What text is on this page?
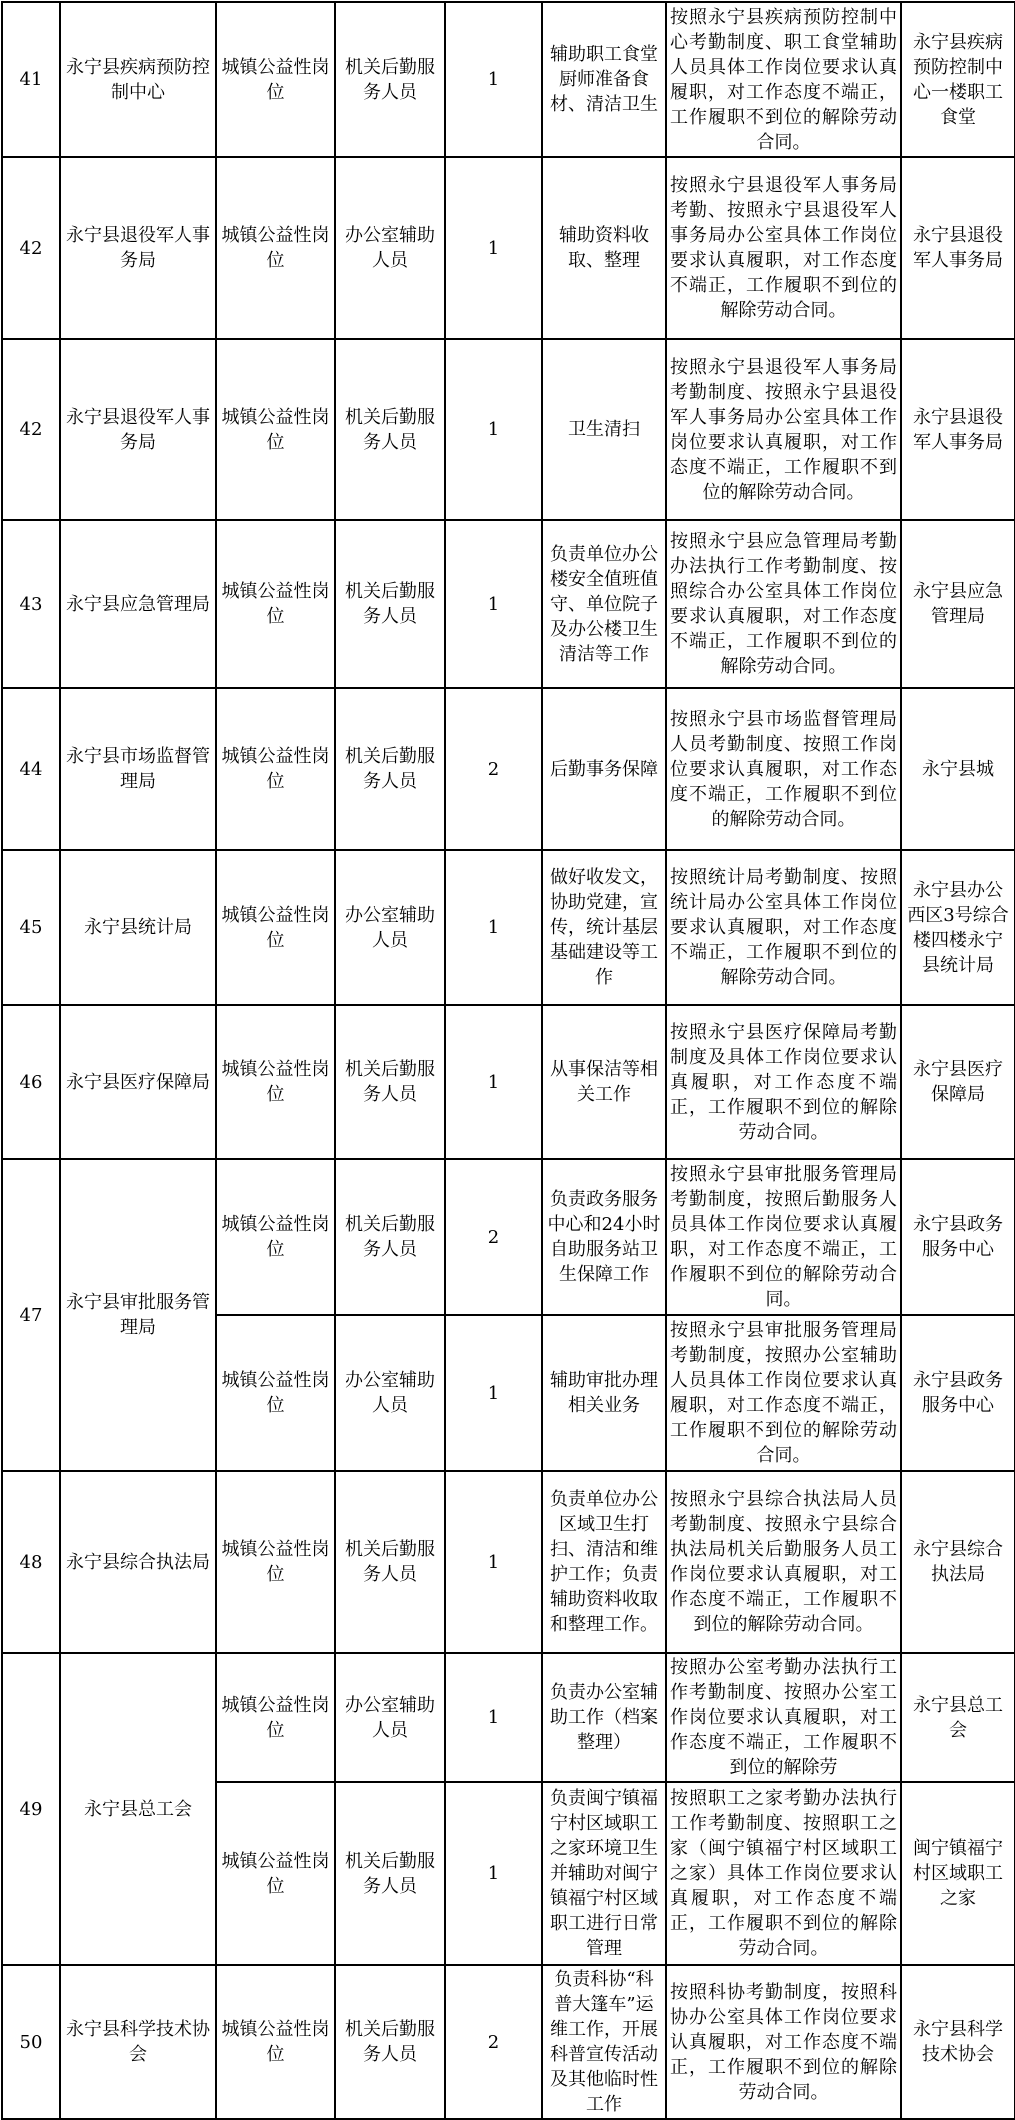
41	永宁县疾病预防控制中心	城镇公益性岗位	机关后勤服务人员	1	辅助职工食堂厨师准备食材、清洁卫生	按照永宁县疾病预防控制中心考勤制度、职工食堂辅助人员具体工作岗位要求认真履职，对工作态度不端正，工作履职不到位的解除劳动合同。	永宁县疾病预防控制中心一楼职工食堂
42	永宁县退役军人事务局	城镇公益性岗位	办公室辅助人员	1	辅助资料收取、整理	按照永宁县退役军人事务局考勤、按照永宁县退役军人事务局办公室具体工作岗位要求认真履职，对工作态度不端正，工作履职不到位的解除劳动合同。	永宁县退役军人事务局
42	永宁县退役军人事务局	城镇公益性岗位	机关后勤服务人员	1	卫生清扫	按照永宁县退役军人事务局考勤制度、按照永宁县退役军人事务局办公室具体工作岗位要求认真履职，对工作态度不端正，工作履职不到位的解除劳动合同。	永宁县退役军人事务局
43	永宁县应急管理局	城镇公益性岗位	机关后勤服务人员	1	负责单位办公楼安全值班值守、单位院子及办公楼卫生清洁等工作	按照永宁县应急管理局考勤办法执行工作考勤制度、按照综合办公室具体工作岗位要求认真履职，对工作态度不端正，工作履职不到位的解除劳动合同。	永宁县应急管理局
44	永宁县市场监督管理局	城镇公益性岗位	机关后勤服务人员	2	后勤事务保障	按照永宁县市场监督管理局人员考勤制度、按照工作岗位要求认真履职，对工作态度不端正，工作履职不到位的解除劳动合同。	永宁县城
45	永宁县统计局	城镇公益性岗位	办公室辅助人员	1	做好收发文，协助党建，宣传，统计基层基础建设等工作	按照统计局考勤制度、按照统计局办公室具体工作岗位要求认真履职，对工作态度不端正，工作履职不到位的解除劳动合同。	永宁县办公西区3号综合楼四楼永宁县统计局
46	永宁县医疗保障局	城镇公益性岗位	机关后勤服务人员	1	从事保洁等相关工作	按照永宁县医疗保障局考勤制度及具体工作岗位要求认真履职，对工作态度不端正，工作履职不到位的解除劳动合同。	永宁县医疗保障局
47	永宁县审批服务管理局	城镇公益性岗位	机关后勤服务人员	2	负责政务服务中心和24小时自助服务站卫生保障工作	按照永宁县审批服务管理局考勤制度，按照后勤服务人员具体工作岗位要求认真履职，对工作态度不端正，工作履职不到位的解除劳动合同。	永宁县政务服务中心
		城镇公益性岗位	办公室辅助人员	1	辅助审批办理相关业务	按照永宁县审批服务管理局考勤制度，按照办公室辅助人员具体工作岗位要求认真履职，对工作态度不端正，工作履职不到位的解除劳动合同。	永宁县政务服务中心
48	永宁县综合执法局	城镇公益性岗位	机关后勤服务人员	1	负责单位办公区域卫生打扫、清洁和维护工作；负责辅助资料收取和整理工作。	按照永宁县综合执法局人员考勤制度、按照永宁县综合执法局机关后勤服务人员工作岗位要求认真履职，对工作态度不端正，工作履职不到位的解除劳动合同。	永宁县综合执法局
49	永宁县总工会	城镇公益性岗位	办公室辅助人员	1	负责办公室辅助工作（档案整理）	按照办公室考勤办法执行工作考勤制度、按照办公室工作岗位要求认真履职，对工作态度不端正，工作履职不到位的解除劳	永宁县总工会
		城镇公益性岗位	机关后勤服务人员	1	负责闽宁镇福宁村区域职工之家环境卫生并辅助对闽宁镇福宁村区域职工进行日常管理	按照职工之家考勤办法执行工作考勤制度、按照职工之家（闽宁镇福宁村区域职工之家）具体工作岗位要求认真履职，对工作态度不端正，工作履职不到位的解除劳动合同。	闽宁镇福宁村区域职工之家
50	永宁县科学技术协会	城镇公益性岗位	机关后勤服务人员	2	负责科协“科普大篷车”运维工作，开展科普宣传活动及其他临时性工作	按照科协考勤制度，按照科协办公室具体工作岗位要求认真履职，对工作态度不端正，工作履职不到位的解除劳动合同。	永宁县科学技术协会
